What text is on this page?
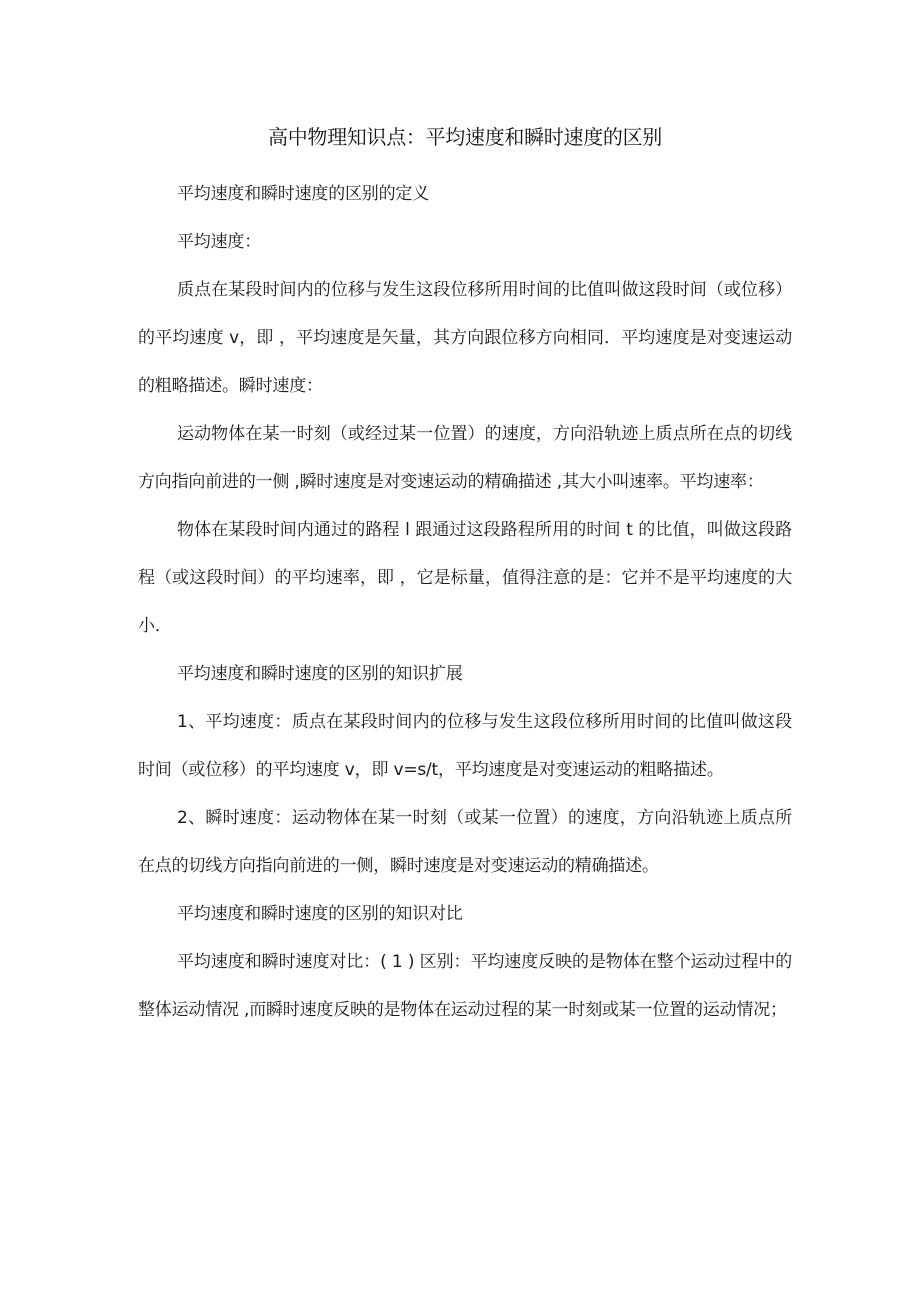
高中物理知识点：平均速度和瞬时速度的区别

平均速度和瞬时速度的区别的定义

平均速度：

质点在某段时间内的位移与发生这段位移所用时间的比值叫做这段时间（或位移）的平均速度 v，即 ，平均速度是矢量，其方向跟位移方向相同．平均速度是对变速运动的粗略描述。瞬时速度：

运动物体在某一时刻（或经过某一位置）的速度，方向沿轨迹上质点所在点的切线方向指向前进的一侧 ,瞬时速度是对变速运动的精确描述 ,其大小叫速率。平均速率：

物体在某段时间内通过的路程 l 跟通过这段路程所用的时间 t 的比值，叫做这段路程（或这段时间）的平均速率，即 ，它是标量，值得注意的是：它并不是平均速度的大小．

平均速度和瞬时速度的区别的知识扩展

1、平均速度：质点在某段时间内的位移与发生这段位移所用时间的比值叫做这段时间（或位移）的平均速度 v，即 v=s/t，平均速度是对变速运动的粗略描述。

2、瞬时速度：运动物体在某一时刻（或某一位置）的速度，方向沿轨迹上质点所在点的切线方向指向前进的一侧，瞬时速度是对变速运动的精确描述。

平均速度和瞬时速度的区别的知识对比

平均速度和瞬时速度对比：( 1 ) 区别：平均速度反映的是物体在整个运动过程中的整体运动情况 ,而瞬时速度反映的是物体在运动过程的某一时刻或某一位置的运动情况；
